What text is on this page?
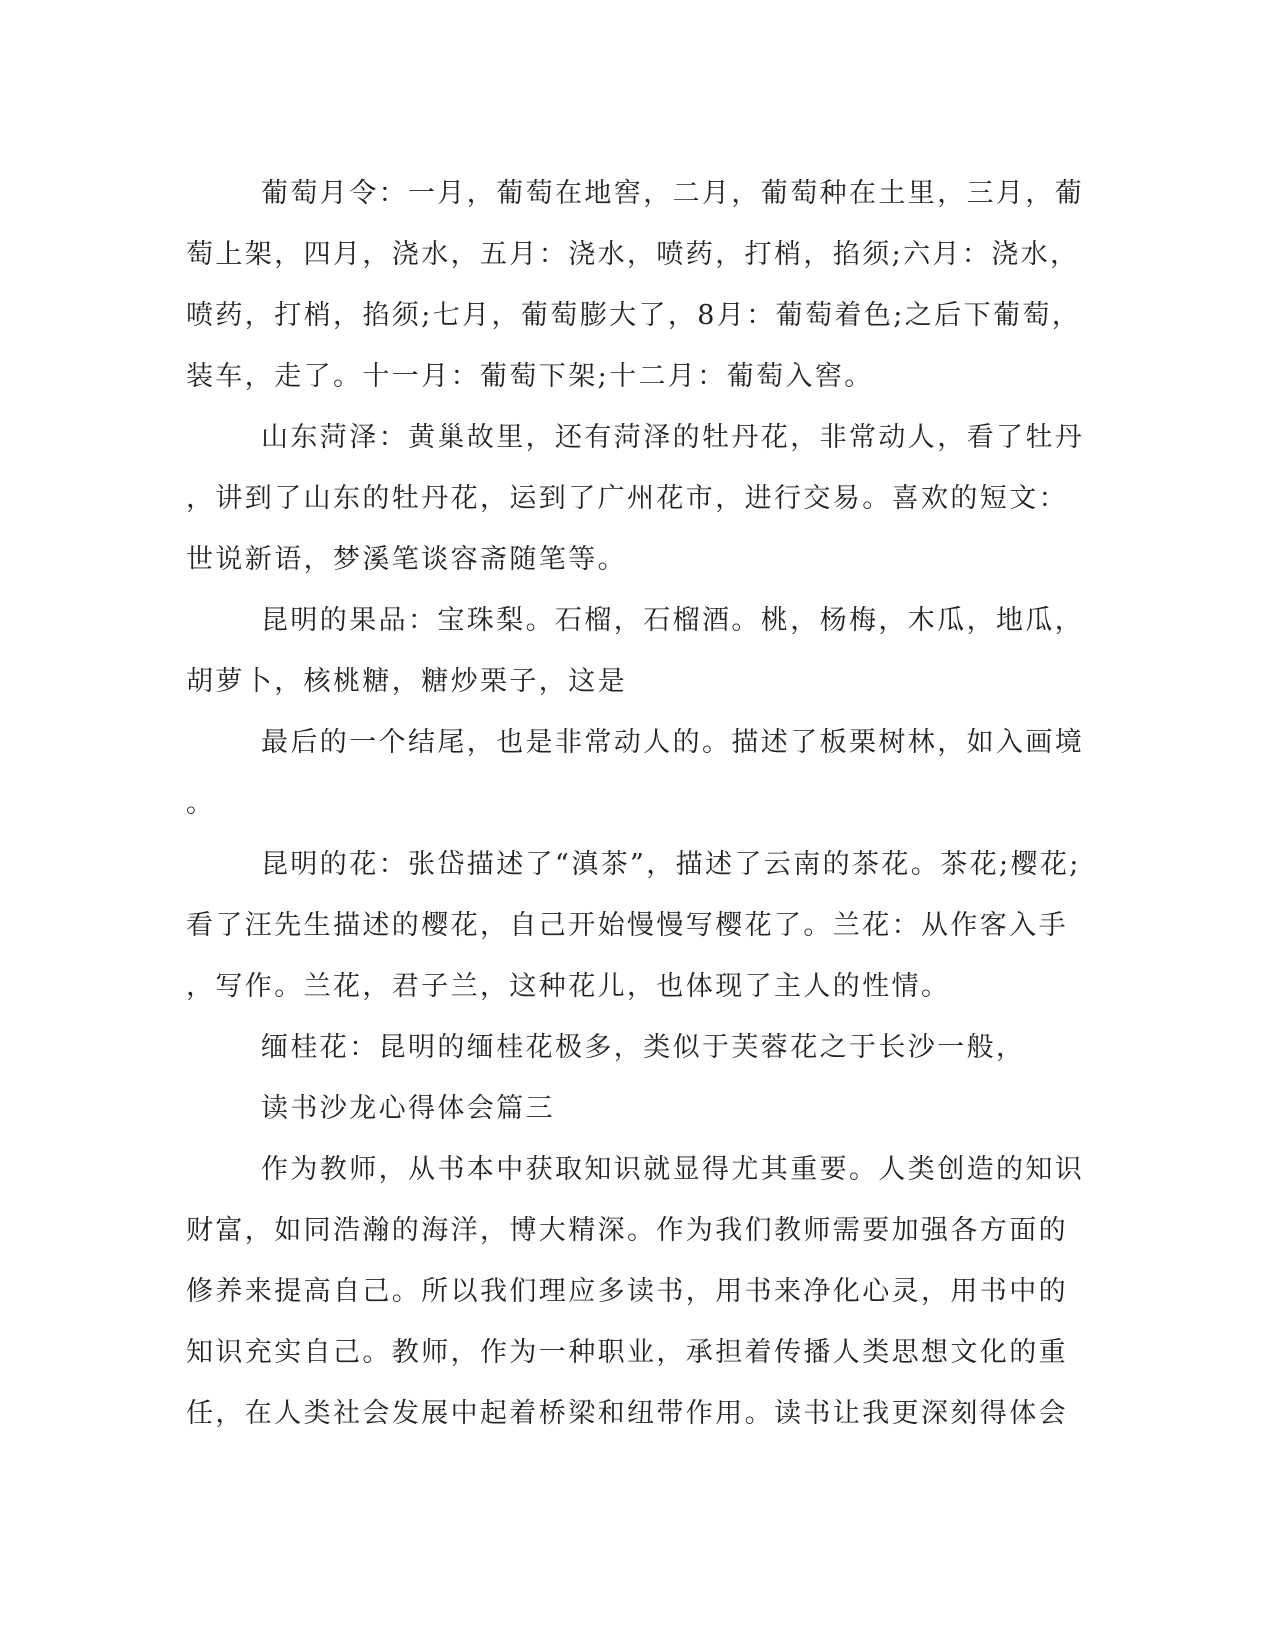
葡萄月令：一月，葡萄在地窖，二月，葡萄种在土里，三月，葡
萄上架，四月，浇水，五月：浇水，喷药，打梢，掐须;六月：浇水，
喷药，打梢，掐须;七月，葡萄膨大了，8月：葡萄着色;之后下葡萄，
装车，走了。十一月：葡萄下架;十二月：葡萄入窖。

山东菏泽：黄巢故里，还有菏泽的牡丹花，非常动人，看了牡丹
，讲到了山东的牡丹花，运到了广州花市，进行交易。喜欢的短文：
世说新语，梦溪笔谈容斋随笔等。

昆明的果品：宝珠梨。石榴，石榴酒。桃，杨梅，木瓜，地瓜，
胡萝卜，核桃糖，糖炒栗子，这是

最后的一个结尾，也是非常动人的。描述了板栗树林，如入画境
。

昆明的花：张岱描述了“滇茶”，描述了云南的茶花。茶花;樱花;
看了汪先生描述的樱花，自己开始慢慢写樱花了。兰花：从作客入手
，写作。兰花，君子兰，这种花儿，也体现了主人的性情。

缅桂花：昆明的缅桂花极多，类似于芙蓉花之于长沙一般，

读书沙龙心得体会篇三

作为教师，从书本中获取知识就显得尤其重要。人类创造的知识
财富，如同浩瀚的海洋，博大精深。作为我们教师需要加强各方面的
修养来提高自己。所以我们理应多读书，用书来净化心灵，用书中的
知识充实自己。教师，作为一种职业，承担着传播人类思想文化的重
任，在人类社会发展中起着桥梁和纽带作用。读书让我更深刻得体会
